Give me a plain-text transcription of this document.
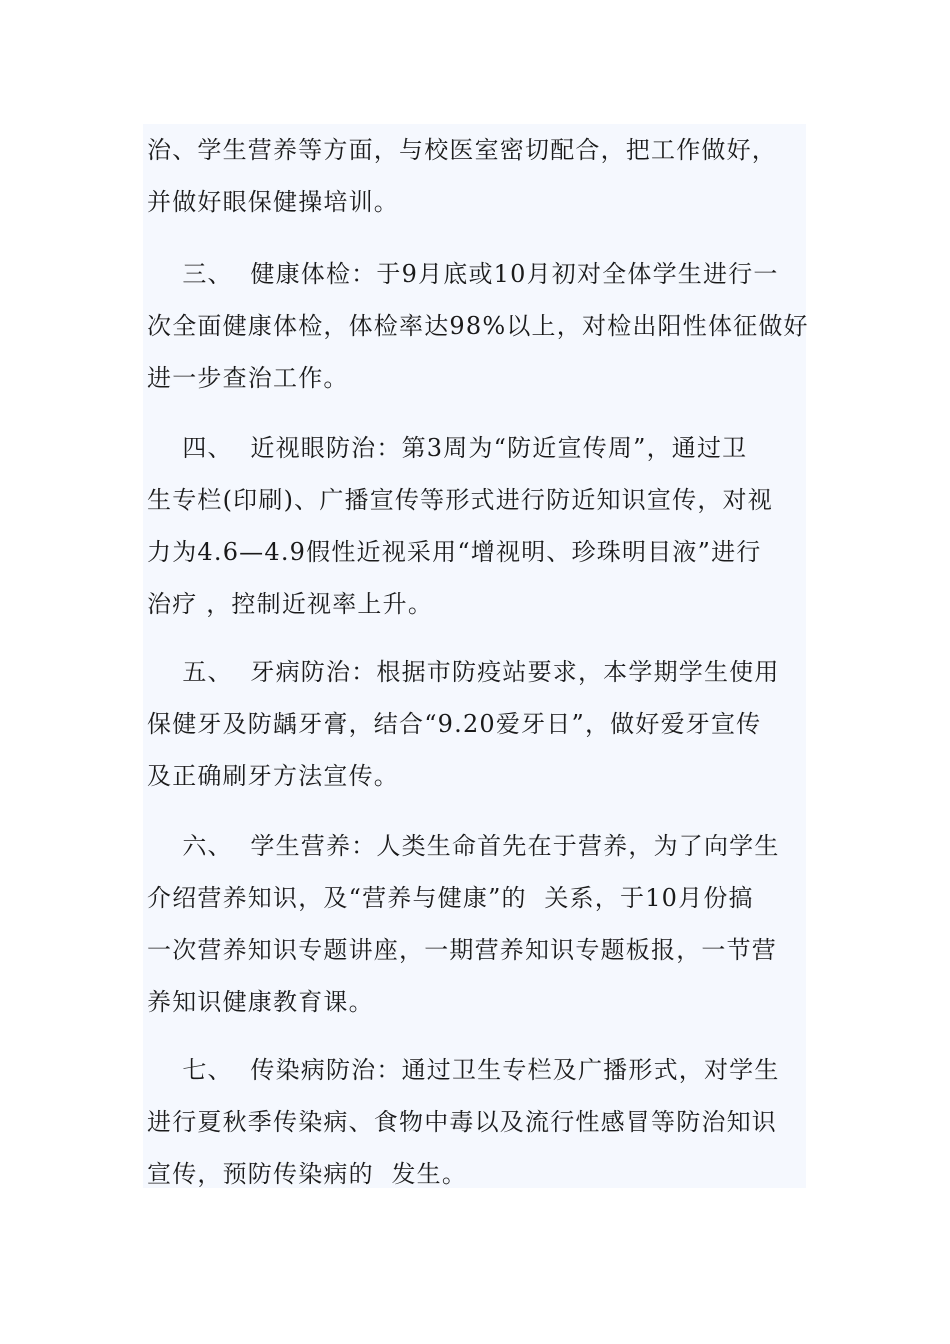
治、学生营养等方面，与校医室密切配合，把工作做好，
并做好眼保健操培训。
三、  健康体检：于9月底或10月初对全体学生进行一
次全面健康体检，体检率达98%以上，对检出阳性体征做好
进一步查治工作。
四、  近视眼防治：第3周为“防近宣传周”，通过卫
生专栏(印刷)、广播宣传等形式进行防近知识宣传，对视
力为4.6—4.9假性近视采用“增视明、珍珠明目液”进行
治疗 ，控制近视率上升。
五、  牙病防治：根据市防疫站要求，本学期学生使用
保健牙及防龋牙膏，结合“9.20爱牙日”，做好爱牙宣传
及正确刷牙方法宣传。
六、  学生营养：人类生命首先在于营养，为了向学生
介绍营养知识，及“营养与健康”的  关系，于10月份搞
一次营养知识专题讲座，一期营养知识专题板报，一节营
养知识健康教育课。
七、  传染病防治：通过卫生专栏及广播形式，对学生
进行夏秋季传染病、食物中毒以及流行性感冒等防治知识
宣传，预防传染病的  发生。
